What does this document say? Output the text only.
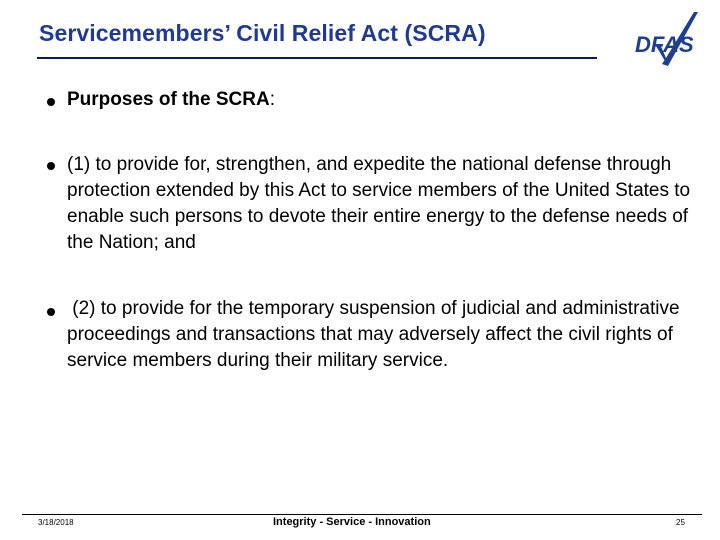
Servicemembers’ Civil Relief Act (SCRA)	DFAS
Purposes of the SCRA:
(1) to provide for, strengthen, and expedite the national defense through protection extended by this Act to service members of the United States to enable such persons to devote their entire energy to the defense needs of the Nation; and
(2) to provide for the temporary suspension of judicial and administrative proceedings and transactions that may adversely affect the civil rights of service members during their military service.
3/18/2018	Integrity - Service - Innovation	25
